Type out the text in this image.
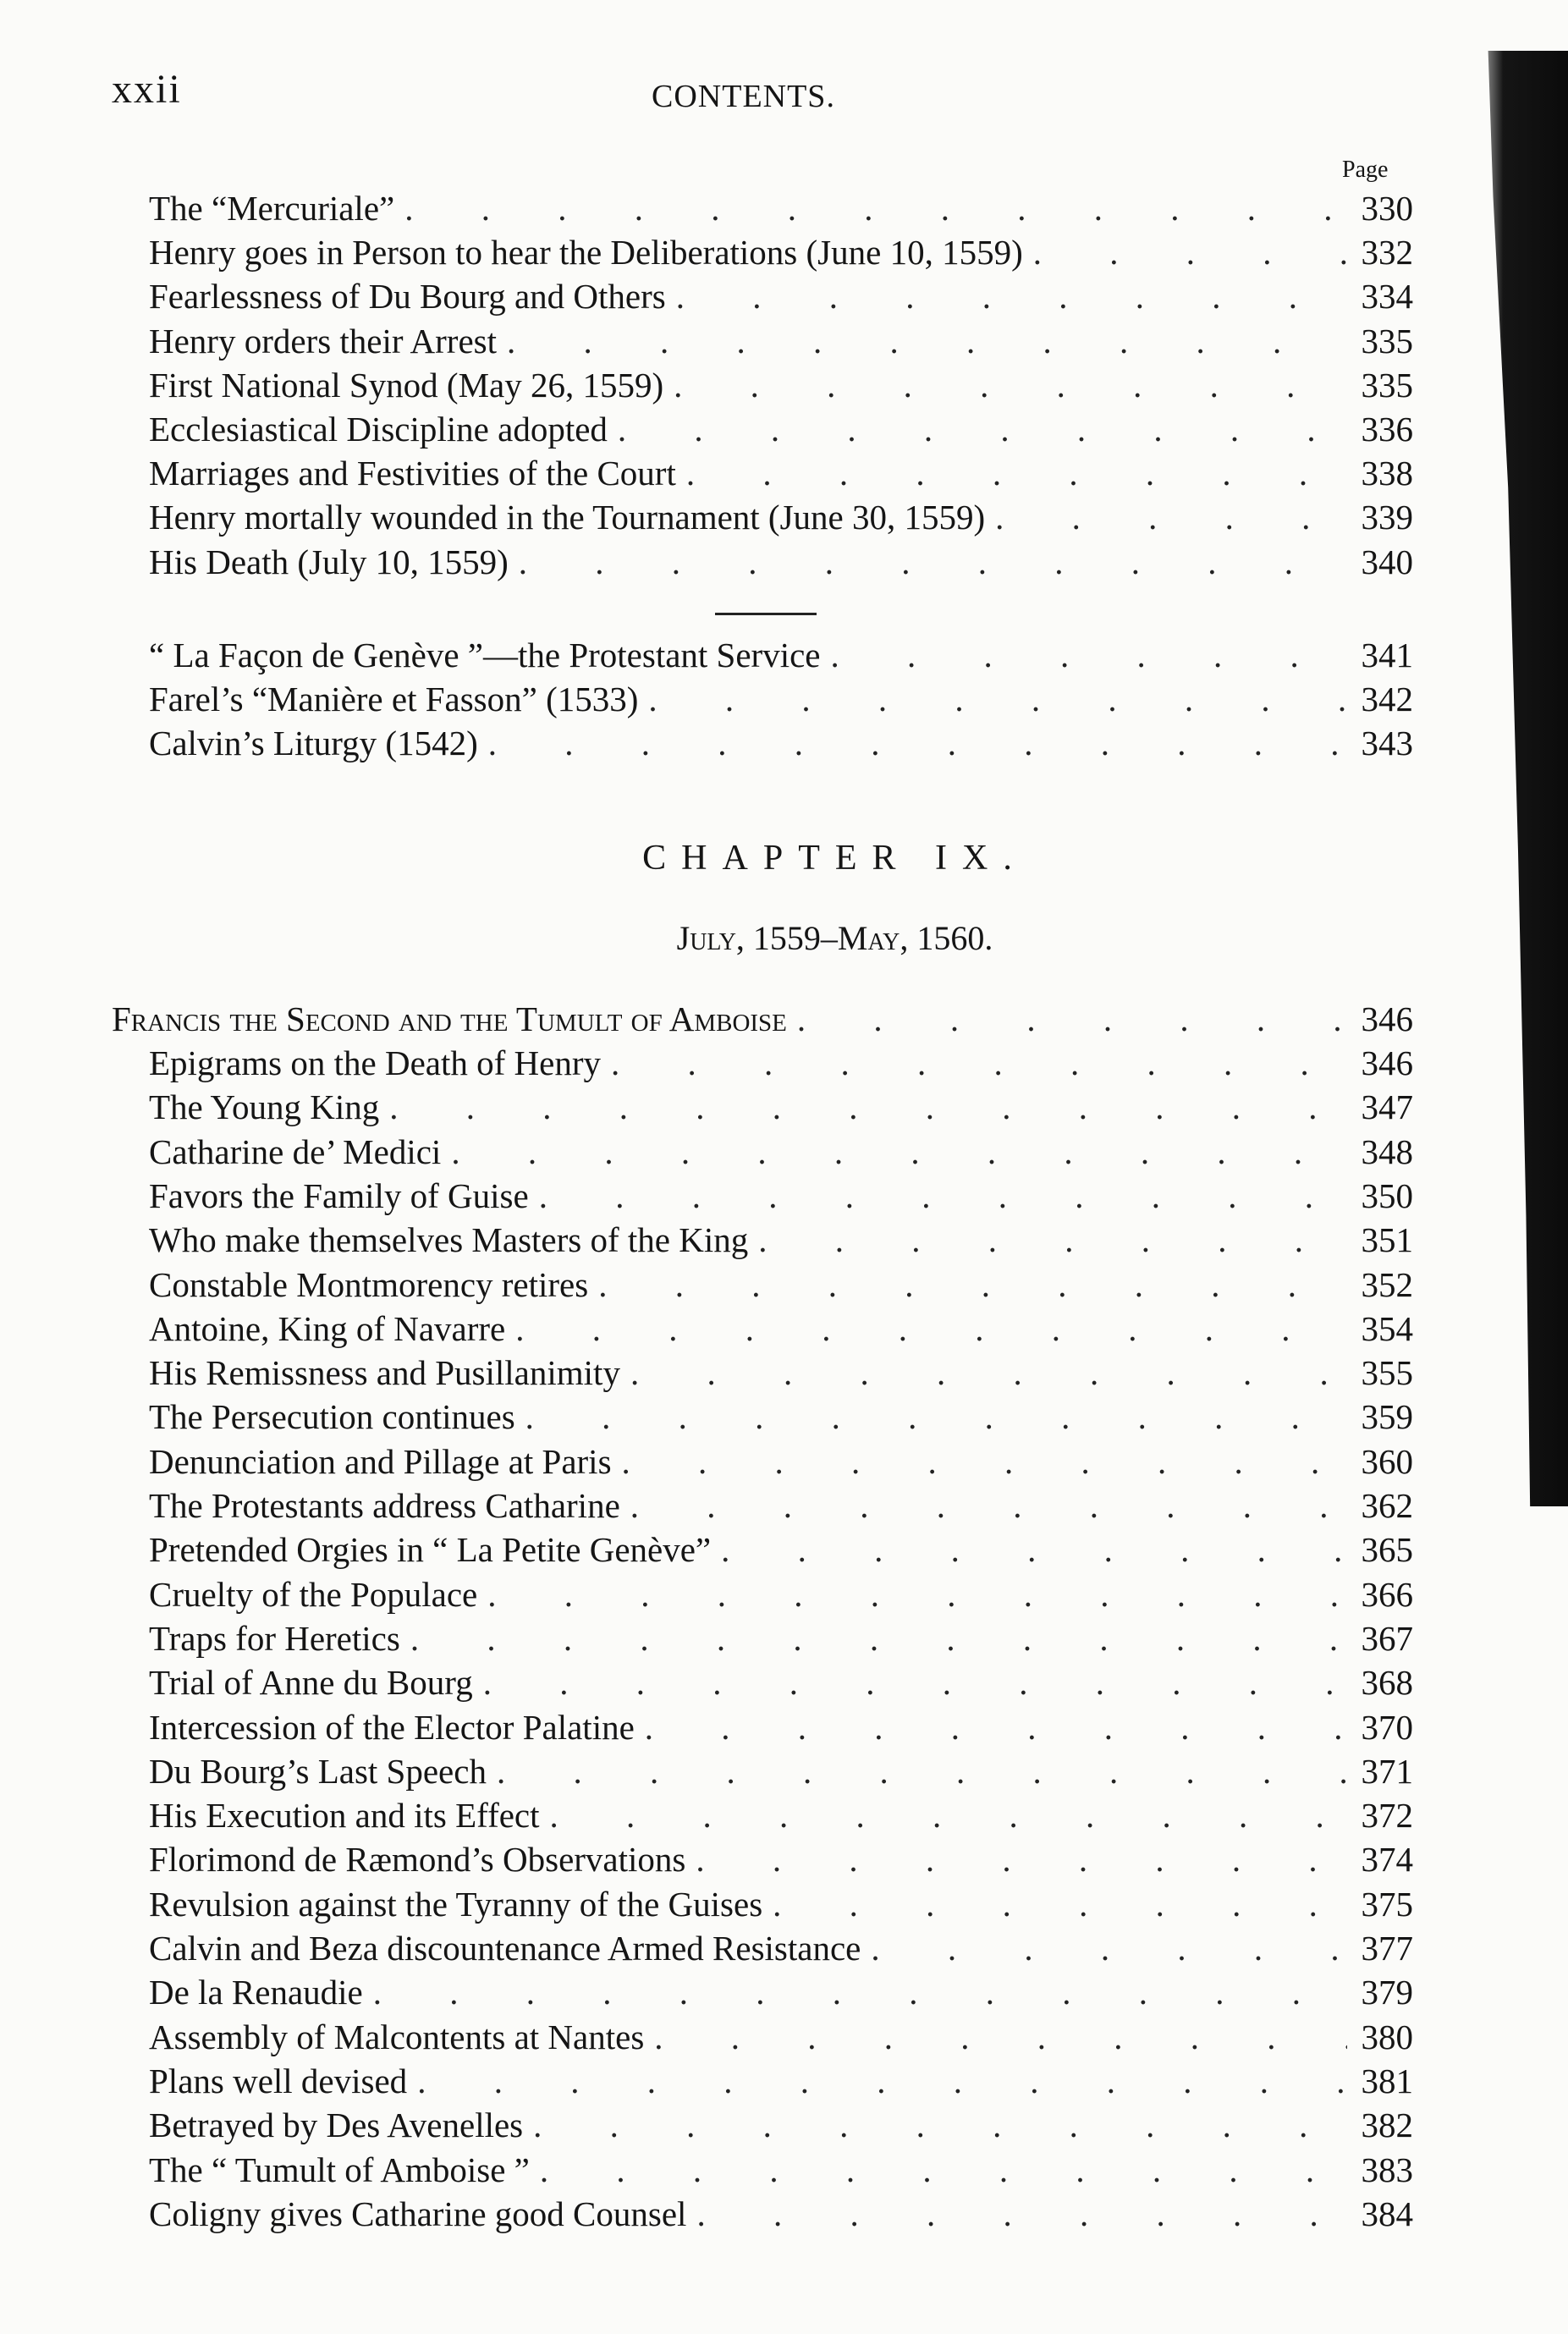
xxii	CONTENTS.
Page
The “Mercuriale” . . .	330
Henry goes in Person to hear the Deliberations (June 10, 1559) . . .	332
Fearlessness of Du Bourg and Others . . .	334
Henry orders their Arrest . . .	335
First National Synod (May 26, 1559) . . .	335
Ecclesiastical Discipline adopted . . .	336
Marriages and Festivities of the Court . . .	338
Henry mortally wounded in the Tournament (June 30, 1559) . . .	339
His Death (July 10, 1559) . . .	340
“ La Façon de Genève ”—the Protestant Service . . .	341
Farel’s “Manière et Fasson” (1533) . . .	342
Calvin’s Liturgy (1542) . . .	343
Francis the Second and the Tumult of Amboise . . .	346
Epigrams on the Death of Henry . . .	346
The Young King . . .	347
Catharine de’ Medici . . .	348
Favors the Family of Guise . . .	350
Who make themselves Masters of the King . . .	351
Constable Montmorency retires . . .	352
Antoine, King of Navarre . . .	354
His Remissness and Pusillanimity . . .	355
The Persecution continues . . .	359
Denunciation and Pillage at Paris . . .	360
The Protestants address Catharine . . .	362
Pretended Orgies in “ La Petite Genève” . . .	365
Cruelty of the Populace . . .	366
Traps for Heretics . . .	367
Trial of Anne du Bourg . . .	368
Intercession of the Elector Palatine . . .	370
Du Bourg’s Last Speech . . .	371
His Execution and its Effect . . .	372
Florimond de Ræmond’s Observations . . .	374
Revulsion against the Tyranny of the Guises . . .	375
Calvin and Beza discountenance Armed Resistance . . .	377
De la Renaudie . . .	379
Assembly of Malcontents at Nantes . . .	380
Plans well devised . . .	381
Betrayed by Des Avenelles . . .	382
The “ Tumult of Amboise ” . . .	383
Coligny gives Catharine good Counsel . . .	384
CHAPTER IX.
July, 1559–May, 1560.
